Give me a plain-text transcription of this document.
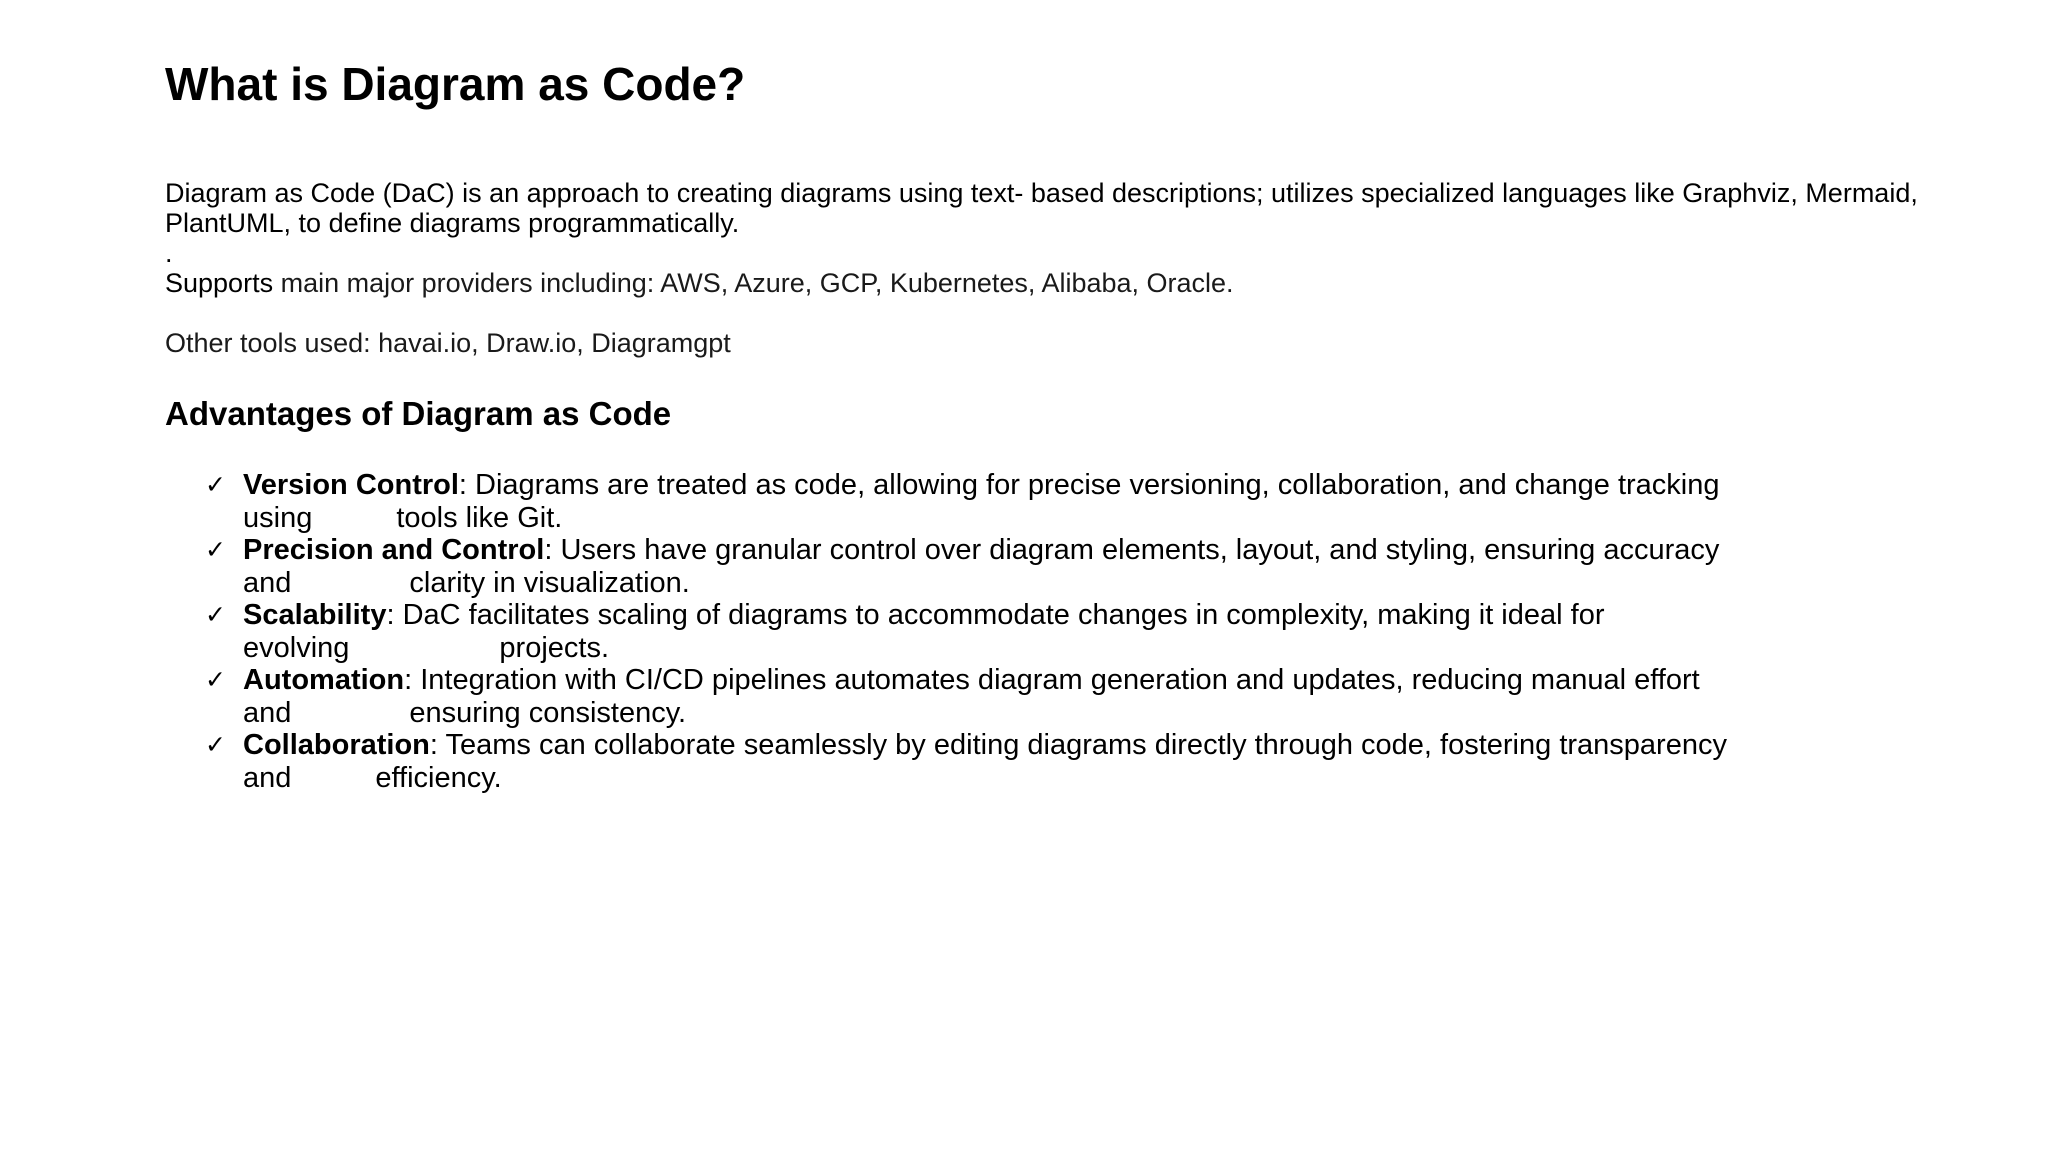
What is Diagram as Code?

Diagram as Code (DaC) is an approach to creating diagrams using text- based descriptions; utilizes specialized languages like Graphviz, Mermaid,

PlantUML, to define diagrams programmatically.

.

Supports main major providers including: AWS, Azure, GCP, Kubernetes, Alibaba, Oracle.
Other tools used: havai.io, Draw.io, Diagramgpt
Advantages of Diagram as Code
✓ Version Control: Diagrams are treated as code, allowing for precise versioning, collaboration, and change tracking
using	tools like Git.
✓ Precision and Control: Users have granular control over diagram elements, layout, and styling, ensuring accuracy
and	clarity in visualization.
✓ Scalability: DaC facilitates scaling of diagrams to accommodate changes in complexity, making it ideal for
evolving	projects.
✓ Automation: Integration with CI/CD pipelines automates diagram generation and updates, reducing manual effort
and	ensuring consistency.
✓ Collaboration: Teams can collaborate seamlessly by editing diagrams directly through code, fostering transparency
and	efficiency.
